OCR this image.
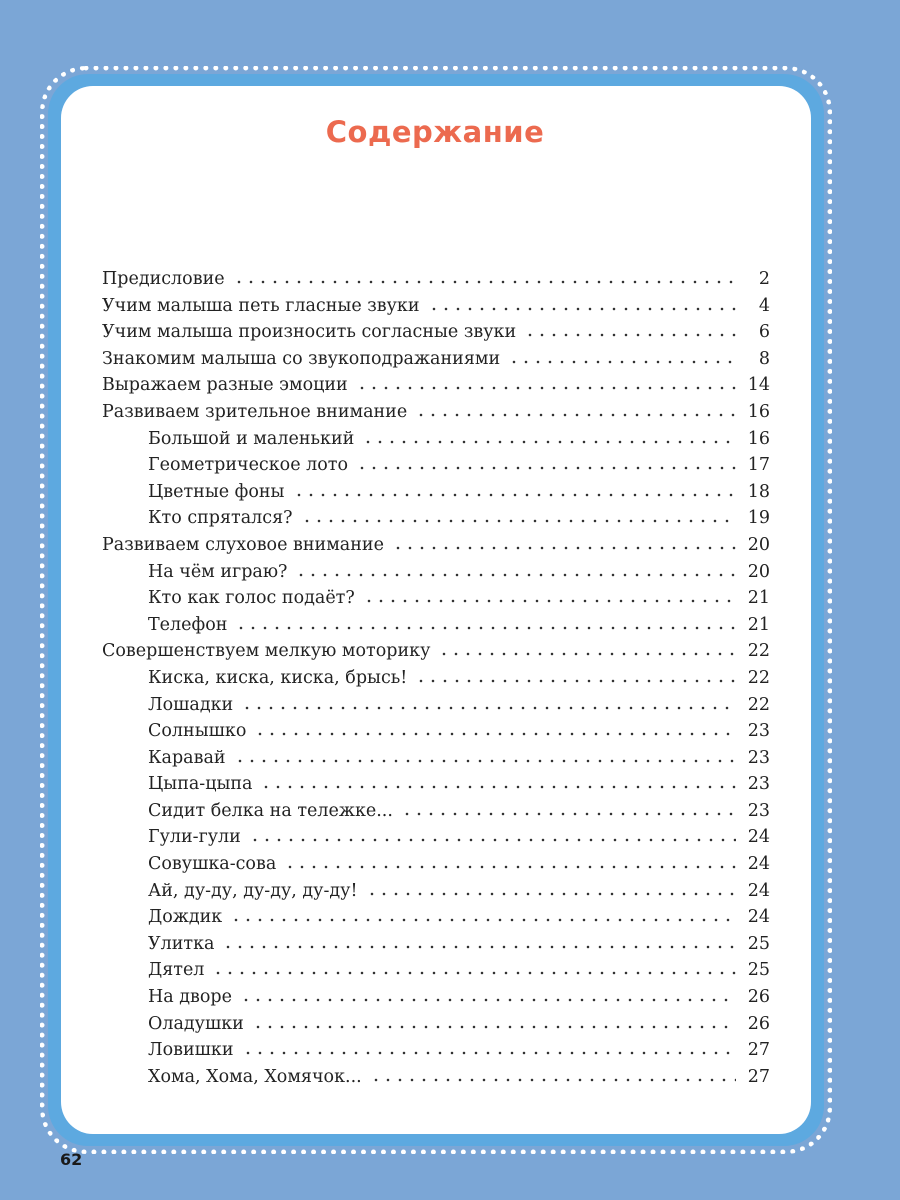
Содержание
Предисловие	2
Учим малыша петь гласные звуки	4
Учим малыша произносить согласные звуки	6
Знакомим малыша со звукоподражаниями	8
Выражаем разные эмоции	14
Развиваем зрительное внимание	16
Большой и маленький	16
Геометрическое лото	17
Цветные фоны	18
Кто спрятался?	19
Развиваем слуховое внимание	20
На чём играю?	20
Кто как голос подаёт?	21
Телефон	21
Совершенствуем мелкую моторику	22
Киска, киска, киска, брысь!	22
Лошадки	22
Солнышко	23
Каравай	23
Цыпа-цыпа	23
Сидит белка на тележке...	23
Гули-гули	24
Совушка-сова	24
Ай, ду-ду, ду-ду, ду-ду!	24
Дождик	24
Улитка	25
Дятел	25
На дворе	26
Оладушки	26
Ловишки	27
Хома, Хома, Хомячок...	27
62
